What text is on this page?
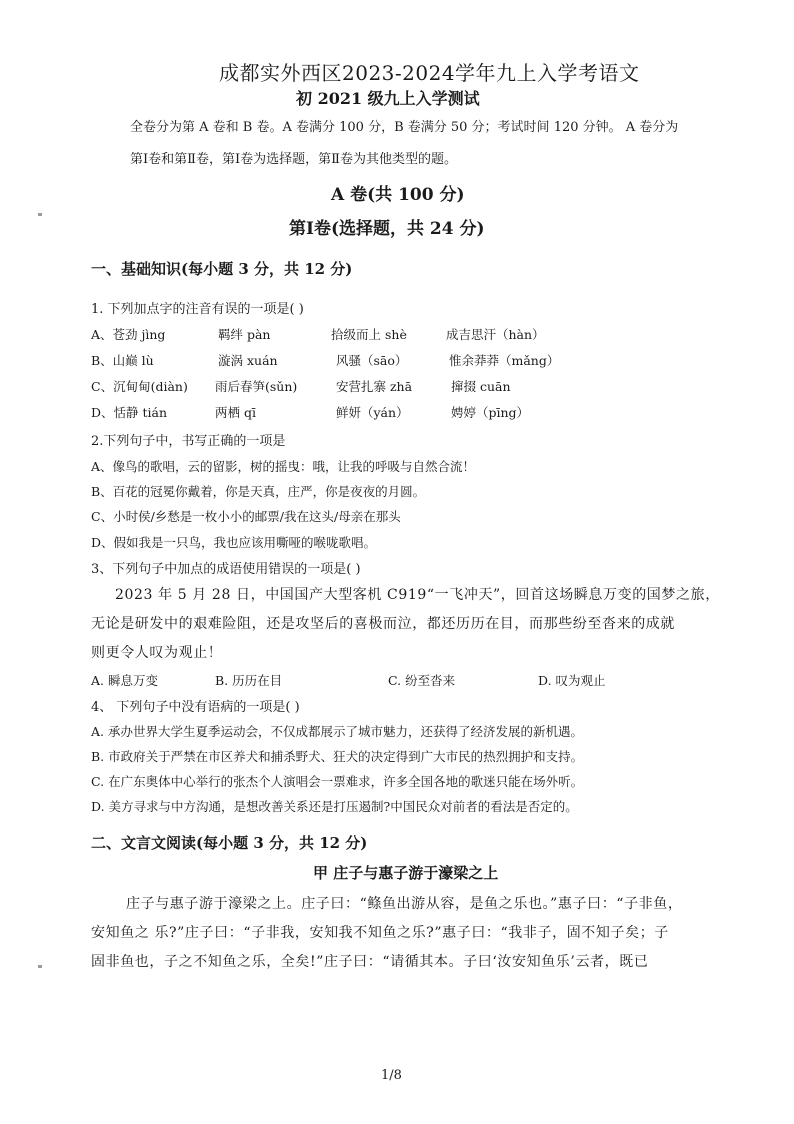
成都实外西区2023-2024学年九上入学考语文
初 2021 级九上入学测试
全卷分为第 A 卷和 B 卷。A 卷满分 100 分，B 卷满分 50 分；考试时间 120 分钟。 A 卷分为
第Ⅰ卷和第Ⅱ卷，第Ⅰ卷为选择题，第Ⅱ卷为其他类型的题。
A 卷(共 100 分)
第Ⅰ卷(选择题，共 24 分)
一、基础知识(每小题 3 分，共 12 分)
1. 下列加点字的注音有误的一项是( )
A、苍劲 jìng	羁绊 pàn	拾级而上 shè	成吉思汗（hàn）
B、山巅 lù	漩涡 xuán	风骚（sāo）	惟余莽莽（mǎng）
C、沉甸甸(diàn) 雨后春笋(sǔn)	安营扎寨 zhā	撺掇 cuān
D、恬静 tián	两栖 qī	鲜妍（yán）	娉婷（pīng）
2.下列句子中，书写正确的一项是
A、像鸟的歌唱，云的留影，树的摇曳：哦，让我的呼吸与自然合流！
B、百花的冠冕你戴着，你是天真，庄严，你是夜夜的月圆。
C、小时侯/乡愁是一枚小小的邮票/我在这头/母亲在那头
D、假如我是一只鸟，我也应该用嘶哑的喉咙歌唱。
3、下列句子中加点的成语使用错误的一项是( )
2023 年 5 月 28 日，中国国产大型客机 C919“一飞冲天”，回首这场瞬息万变的国梦之旅，
无论是研发中的艰难险阻，还是攻坚后的喜极而泣，都还历历在目，而那些纷至沓来的成就
则更令人叹为观止！
A. 瞬息万变	B. 历历在目	C. 纷至沓来	D. 叹为观止
4、 下列句子中没有语病的一项是( )
A. 承办世界大学生夏季运动会，不仅成都展示了城市魅力，还获得了经济发展的新机遇。
B. 市政府关于严禁在市区养犬和捕杀野犬、狂犬的决定得到广大市民的热烈拥护和支持。
C. 在广东奥体中心举行的张杰个人演唱会一票难求，许多全国各地的歌迷只能在场外听。
D. 美方寻求与中方沟通，是想改善关系还是打压遏制?中国民众对前者的看法是否定的。
二、文言文阅读(每小题 3 分，共 12 分)
甲 庄子与惠子游于濠梁之上
庄子与惠子游于濠梁之上。庄子曰：“鲦鱼出游从容，是鱼之乐也。”惠子曰：“子非鱼，
安知鱼之 乐?”庄子曰：“子非我，安知我不知鱼之乐?”惠子曰：“我非子，固不知子矣；子
固非鱼也，子之不知鱼之乐，全矣!”庄子曰：“请循其本。子曰‘汝安知鱼乐’云者，既已
1/8
